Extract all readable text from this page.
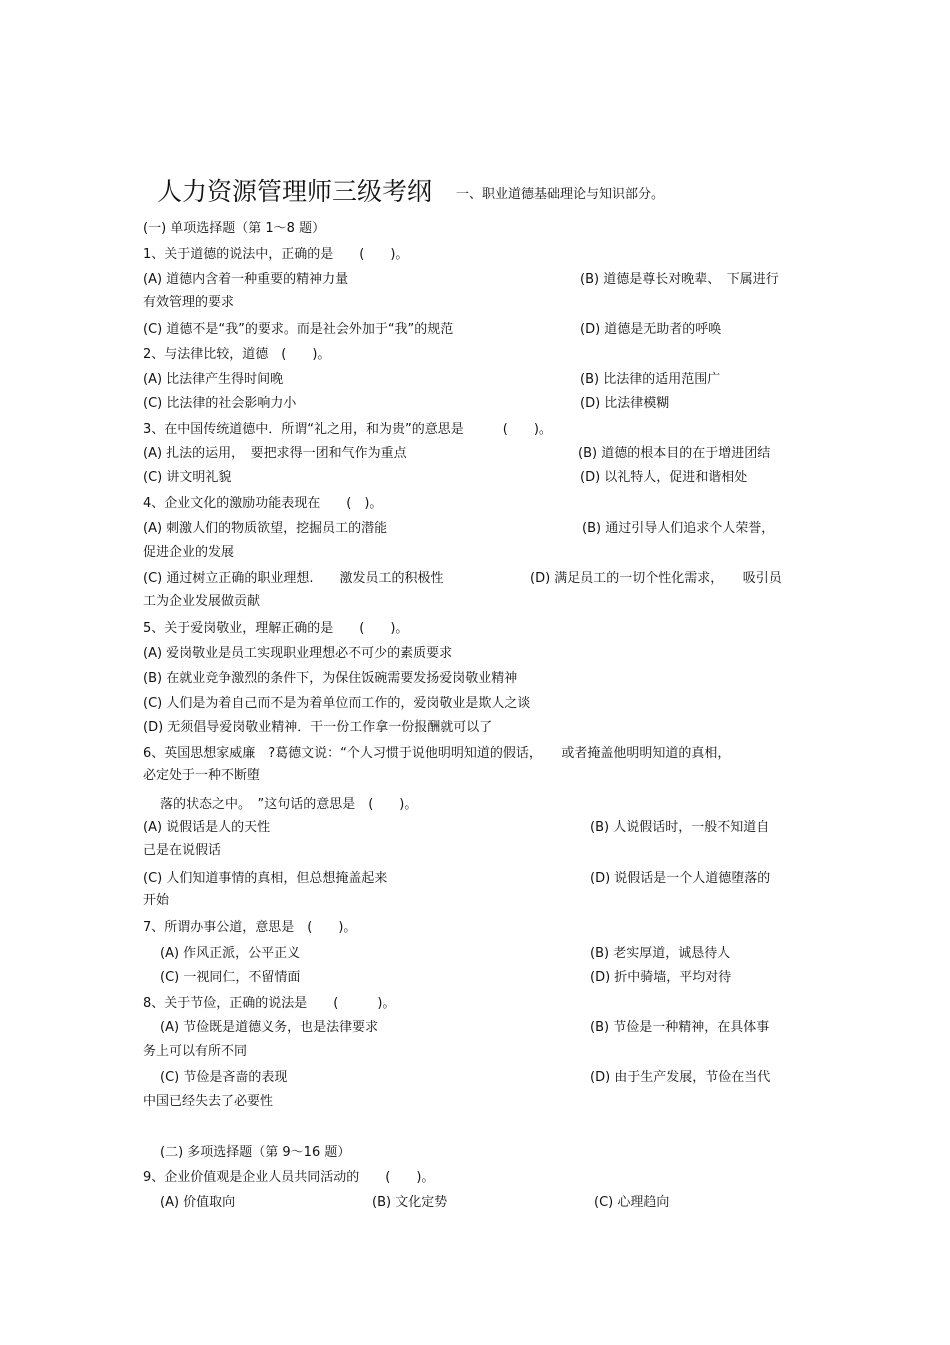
人力资源管理师三级考纲 一、职业道德基础理论与知识部分。
(一) 单项选择题（第 1～8 题）
1、关于道德的说法中，正确的是　　(　　)。
(A) 道德内含着一种重要的精神力量	(B) 道德是尊长对晚辈、　下属进行
有效管理的要求
(C) 道德不是“我”的要求。而是社会外加于“我”的规范	(D) 道德是无助者的呼唤
2、与法律比较，道德　(　　)。
(A) 比法律产生得时间晚	(B) 比法律的适用范围广
(C) 比法律的社会影响力小	(D) 比法律模糊
3、在中国传统道德中．所谓“礼之用，和为贵”的意思是　　　(　　)。
(A) 扎法的运用，　要把求得一团和气作为重点	(B) 道德的根本目的在于增进团结
(C) 讲文明礼貌	(D) 以礼特人，促进和谐相处
4、企业文化的激励功能表现在　　(　)。
(A) 刺激人们的物质欲望，挖掘员工的潜能	(B) 通过引导人们追求个人荣誉，
促进企业的发展
(C) 通过树立正确的职业理想.　　激发员工的积极性	(D) 满足员工的一切个性化需求，　　吸引员
工为企业发展做贡献
5、关于爱岗敬业，理解正确的是　　(　　)。
(A) 爱岗敬业是员工实现职业理想必不可少的素质要求
(B) 在就业竞争激烈的条件下，为保住饭碗需要发扬爱岗敬业精神
(C) 人们是为着自己而不是为着单位而工作的，爱岗敬业是欺人之谈
(D) 无须倡导爱岗敬业精神．干一份工作拿一份报酬就可以了
6、英国思想家威廉　?葛德文说：“个人习惯于说他明明知道的假话，　　或者掩盖他明明知道的真相，
必定处于一种不断堕
落的状态之中。　”这句话的意思是　(　　)。
(A) 说假话是人的天性	(B) 人说假话时，一般不知道自
己是在说假话
(C) 人们知道事情的真相，但总想掩盖起来	(D) 说假话是一个人道德堕落的
开始
7、所谓办事公道，意思是　(　　)。
(A) 作风正派，公平正义	(B) 老实厚道，诚恳待人
(C) 一视同仁，不留情面	(D) 折中骑墙，平均对待
8、关于节俭，正确的说法是　　(　　　)。
(A) 节俭既是道德义务，也是法律要求	(B) 节俭是一种精神，在具体事
务上可以有所不同
(C) 节俭是吝啬的表现	(D) 由于生产发展，节俭在当代
中国已经失去了必要性
(二) 多项选择题（第 9～16 题）
9、企业价值观是企业人员共同活动的　　(　　)。
(A) 价值取向	(B) 文化定势	(C) 心理趋向
